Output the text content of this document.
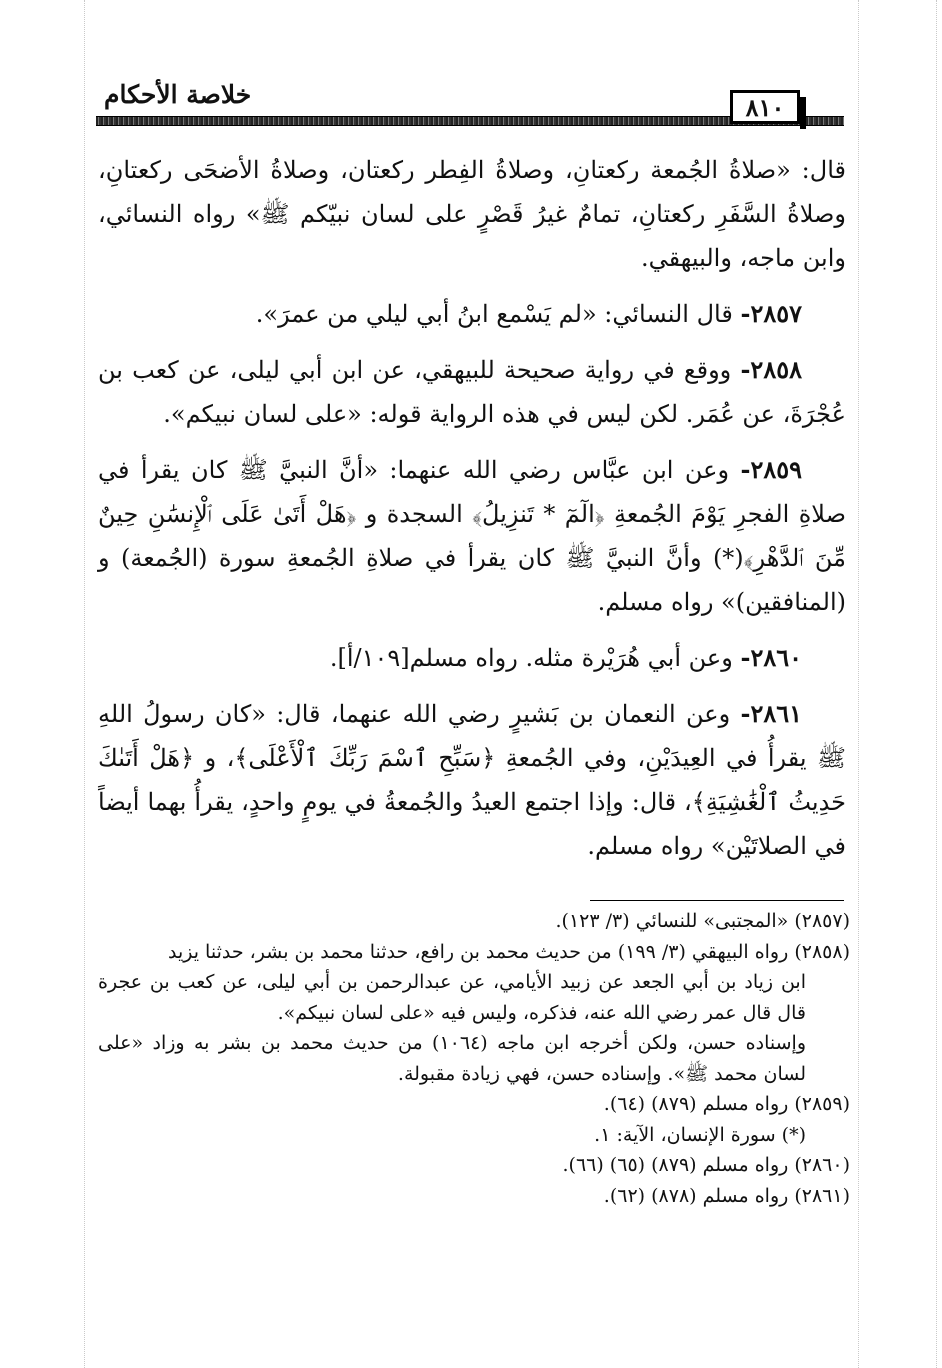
خلاصة الأحكام	٨١٠

قال: «صلاةُ الجُمعة ركعتانِ، وصلاةُ الفِطر ركعتان، وصلاةُ الأضحَى ركعتانِ، وصلاةُ السَّفَرِ ركعتانِ، تمامٌ غيرُ قَصْرٍ على لسان نبيّكم ﷺ» رواه النسائي، وابن ماجه، والبيهقي.

٢٨٥٧- قال النسائي: «لم يَسْمع ابنُ أبي ليلي من عمرَ».

٢٨٥٨- ووقع في رواية صحيحة للبيهقي، عن ابن أبي ليلى، عن كعب بن عُجْرَةَ، عن عُمَر. لكن ليس في هذه الرواية قوله: «على لسان نبيكم».

٢٨٥٩- وعن ابن عبَّاس رضي الله عنهما: «أنَّ النبيَّ ﷺ كان يقرأ في صلاةِ الفجرِ يَوْمَ الجُمعةِ ﴿الٓمٓ * تَنزِيلُ﴾ السجدة و ﴿هَلْ أَتَىٰ عَلَى ٱلْإِنسَٰنِ حِينٌ مِّنَ ٱلدَّهْرِ﴾(*) وأنَّ النبيَّ ﷺ كان يقرأ في صلاةِ الجُمعةِ سورة (الجُمعة) و (المنافقين)» رواه مسلم.

٢٨٦٠- وعن أبي هُرَيْرة مثله. رواه مسلم[١٠٩/أ].

٢٨٦١- وعن النعمان بن بَشيرٍ رضي الله عنهما، قال: «كان رسولُ اللهِ ﷺ يقرأُ في العِيدَيْنِ، وفي الجُمعةِ ﴿سَبِّحِ ٱسْمَ رَبِّكَ ٱلْأَعْلَى﴾، و ﴿هَلْ أَتَىٰكَ حَدِيثُ ٱلْغَٰشِيَةِ﴾، قال: وإذا اجتمع العيدُ والجُمعةُ في يومٍ واحدٍ، يقرأُ بهما أيضاً في الصلاتَيْن» رواه مسلم.

(٢٨٥٧) «المجتبى» للنسائي (٣/ ١٢٣).

(٢٨٥٨) رواه البيهقي (٣/ ١٩٩) من حديث محمد بن رافع، حدثنا محمد بن بشر، حدثنا يزيد

ابن زياد بن أبي الجعد عن زبيد الأيامي، عن عبدالرحمن بن أبي ليلى، عن كعب بن عجرة قال قال عمر رضي الله عنه، فذكره، وليس فيه «على لسان نبيكم».

وإسناده حسن، ولكن أخرجه ابن ماجه (١٠٦٤) من حديث محمد بن بشر به وزاد «على لسان محمد ﷺ». وإسناده حسن، فهي زيادة مقبولة.

(٢٨٥٩) رواه مسلم (٨٧٩) (٦٤).

(*) سورة الإنسان، الآية: ١.

(٢٨٦٠) رواه مسلم (٨٧٩) (٦٥) (٦٦).

(٢٨٦١) رواه مسلم (٨٧٨) (٦٢).
